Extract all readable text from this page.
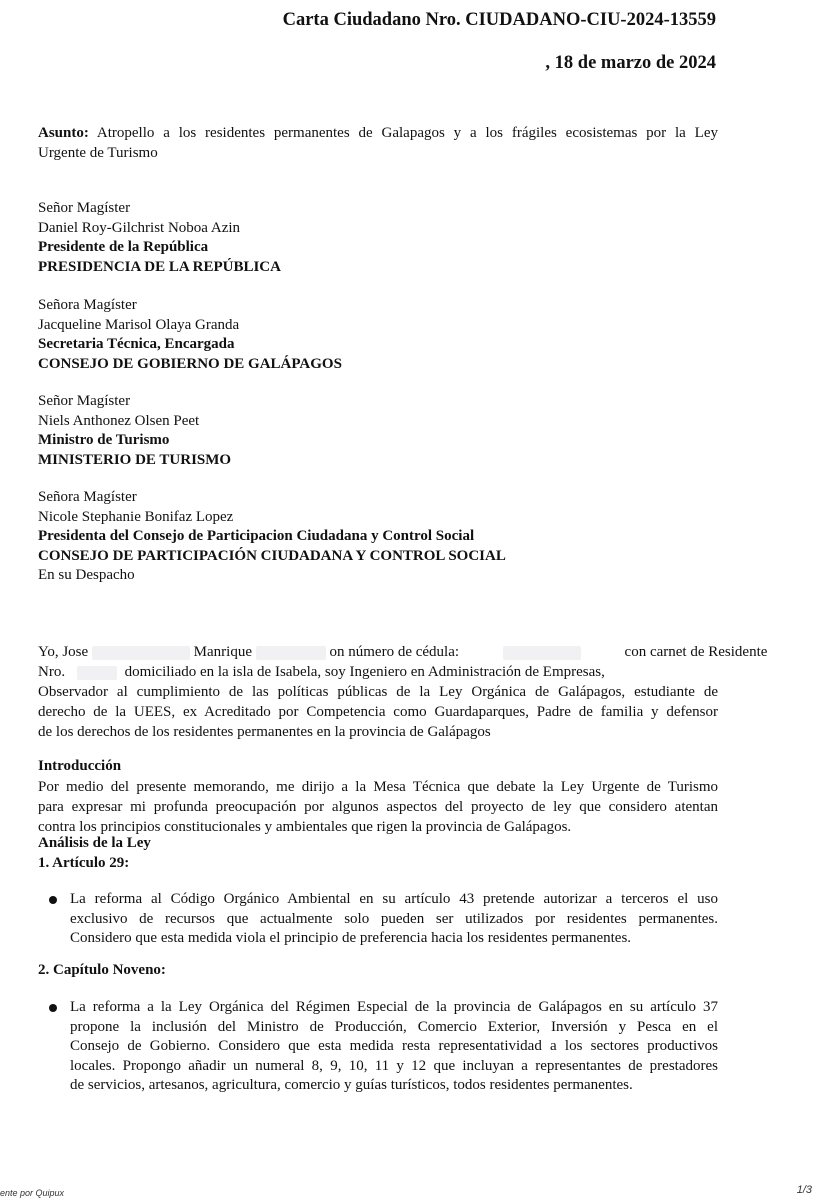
Carta Ciudadano Nro. CIUDADANO-CIU-2024-13559
, 18 de marzo de 2024
Asunto: Atropello a los residentes permanentes de Galapagos y a los frágiles ecosistemas por la Ley
Urgente de Turismo
Señor Magíster
Daniel Roy-Gilchrist Noboa Azin
Presidente de la República
PRESIDENCIA DE LA REPÚBLICA
Señora Magíster
Jacqueline Marisol Olaya Granda
Secretaria Técnica, Encargada
CONSEJO DE GOBIERNO DE GALÁPAGOS
Señor Magíster
Niels Anthonez Olsen Peet
Ministro de Turismo
MINISTERIO DE TURISMO
Señora Magíster
Nicole Stephanie Bonifaz Lopez
Presidenta del Consejo de Participacion Ciudadana y Control Social
CONSEJO DE PARTICIPACIÓN CIUDADANA Y CONTROL SOCIAL
En su Despacho
Yo, Jose	Manrique	on número de cédula:	con carnet de Residente
Nro.	domiciliado en la isla de Isabela, soy Ingeniero en Administración de Empresas,
Observador al cumplimiento de las políticas públicas de la Ley Orgánica de Galápagos, estudiante de
derecho de la UEES, ex Acreditado por Competencia como Guardaparques, Padre de familia y defensor
de los derechos de los residentes permanentes en la provincia de Galápagos
Introducción
Por medio del presente memorando, me dirijo a la Mesa Técnica que debate la Ley Urgente de Turismo
para expresar mi profunda preocupación por algunos aspectos del proyecto de ley que considero atentan
contra los principios constitucionales y ambientales que rigen la provincia de Galápagos.
Análisis de la Ley
1. Artículo 29:
La reforma al Código Orgánico Ambiental en su artículo 43 pretende autorizar a terceros el uso
exclusivo de recursos que actualmente solo pueden ser utilizados por residentes permanentes.
Considero que esta medida viola el principio de preferencia hacia los residentes permanentes.
2. Capítulo Noveno:
La reforma a la Ley Orgánica del Régimen Especial de la provincia de Galápagos en su artículo 37
propone la inclusión del Ministro de Producción, Comercio Exterior, Inversión y Pesca en el
Consejo de Gobierno. Considero que esta medida resta representatividad a los sectores productivos
locales. Propongo añadir un numeral 8, 9, 10, 11 y 12 que incluyan a representantes de prestadores
de servicios, artesanos, agricultura, comercio y guías turísticos, todos residentes permanentes.
ente por Quipux	1/3
